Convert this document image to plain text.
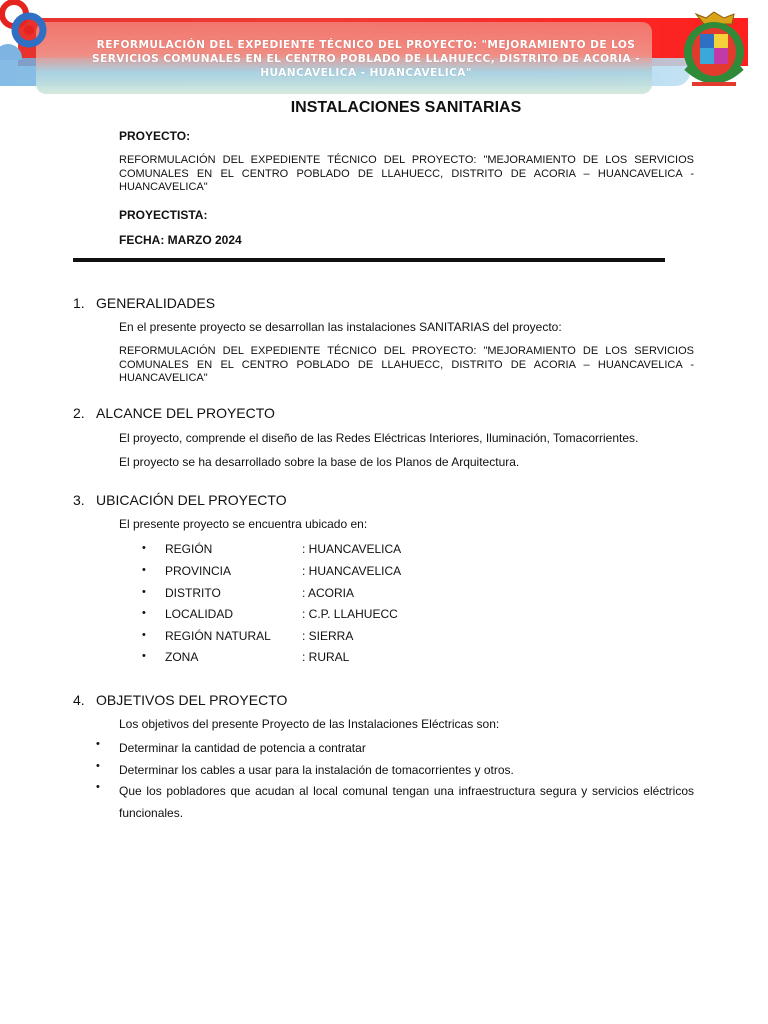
REFORMULACIÓN DEL EXPEDIENTE TÉCNICO DEL PROYECTO: "MEJORAMIENTO DE LOS SERVICIOS COMUNALES EN EL CENTRO POBLADO DE LLAHUECC, DISTRITO DE ACORIA - HUANCAVELICA - HUANCAVELICA"
INSTALACIONES SANITARIAS
PROYECTO:
REFORMULACIÓN DEL EXPEDIENTE TÉCNICO DEL PROYECTO: "MEJORAMIENTO DE LOS SERVICIOS COMUNALES EN EL CENTRO POBLADO DE LLAHUECC, DISTRITO DE ACORIA – HUANCAVELICA - HUANCAVELICA"
PROYECTISTA:
FECHA: MARZO 2024
1. GENERALIDADES
En el presente proyecto se desarrollan las instalaciones SANITARIAS del proyecto:
REFORMULACIÓN DEL EXPEDIENTE TÉCNICO DEL PROYECTO: "MEJORAMIENTO DE LOS SERVICIOS COMUNALES EN EL CENTRO POBLADO DE LLAHUECC, DISTRITO DE ACORIA – HUANCAVELICA - HUANCAVELICA"
2. ALCANCE DEL PROYECTO
El proyecto, comprende el diseño de las Redes Eléctricas Interiores, Iluminación, Tomacorrientes.
El proyecto se ha desarrollado sobre la base de los Planos de Arquitectura.
3. UBICACIÓN DEL PROYECTO
El presente proyecto se encuentra ubicado en:
•	REGIÓN	: HUANCAVELICA
•	PROVINCIA	: HUANCAVELICA
•	DISTRITO	: ACORIA
•	LOCALIDAD	: C.P. LLAHUECC
•	REGIÓN NATURAL	: SIERRA
•	ZONA	: RURAL
4. OBJETIVOS DEL PROYECTO
Los objetivos del presente Proyecto de las Instalaciones Eléctricas son:
•	Determinar la cantidad de potencia a contratar
•	Determinar los cables a usar para la instalación de tomacorrientes y otros.
•	Que los pobladores que acudan al local comunal tengan una infraestructura segura y servicios eléctricos funcionales.
